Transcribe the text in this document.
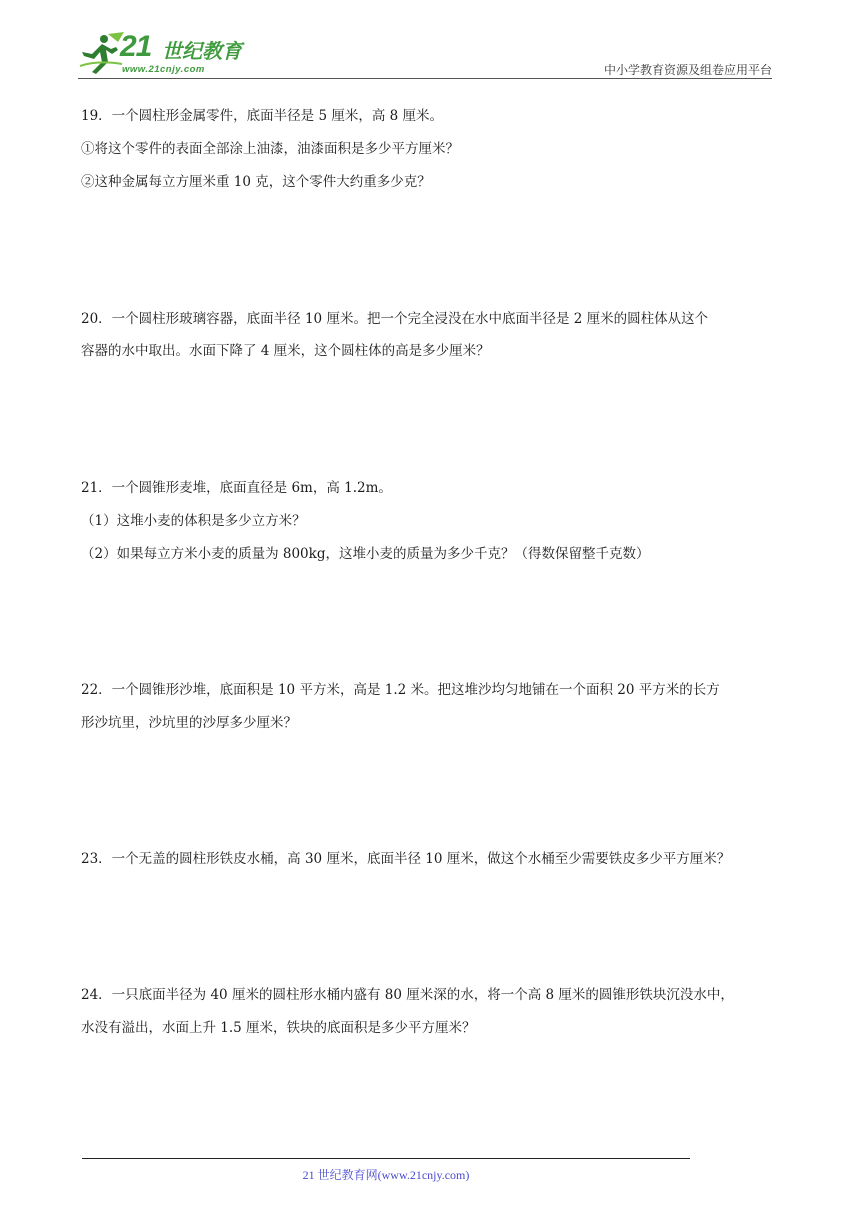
21 世纪教育
www.21cnjy.com	中小学教育资源及组卷应用平台
19．一个圆柱形金属零件，底面半径是 5 厘米，高 8 厘米。
①将这个零件的表面全部涂上油漆，油漆面积是多少平方厘米？
②这种金属每立方厘米重 10 克，这个零件大约重多少克？
20．一个圆柱形玻璃容器，底面半径 10 厘米。把一个完全浸没在水中底面半径是 2 厘米的圆柱体从这个
容器的水中取出。水面下降了 4 厘米，这个圆柱体的高是多少厘米？
21．一个圆锥形麦堆，底面直径是 6m，高 1.2m。
（1）这堆小麦的体积是多少立方米？
（2）如果每立方米小麦的质量为 800kg，这堆小麦的质量为多少千克？（得数保留整千克数）
22．一个圆锥形沙堆，底面积是 10 平方米，高是 1.2 米。把这堆沙均匀地铺在一个面积 20 平方米的长方
形沙坑里，沙坑里的沙厚多少厘米？
23．一个无盖的圆柱形铁皮水桶，高 30 厘米，底面半径 10 厘米，做这个水桶至少需要铁皮多少平方厘米？
24．一只底面半径为 40 厘米的圆柱形水桶内盛有 80 厘米深的水，将一个高 8 厘米的圆锥形铁块沉没水中，
水没有溢出，水面上升 1.5 厘米，铁块的底面积是多少平方厘米？
21 世纪教育网(www.21cnjy.com)
